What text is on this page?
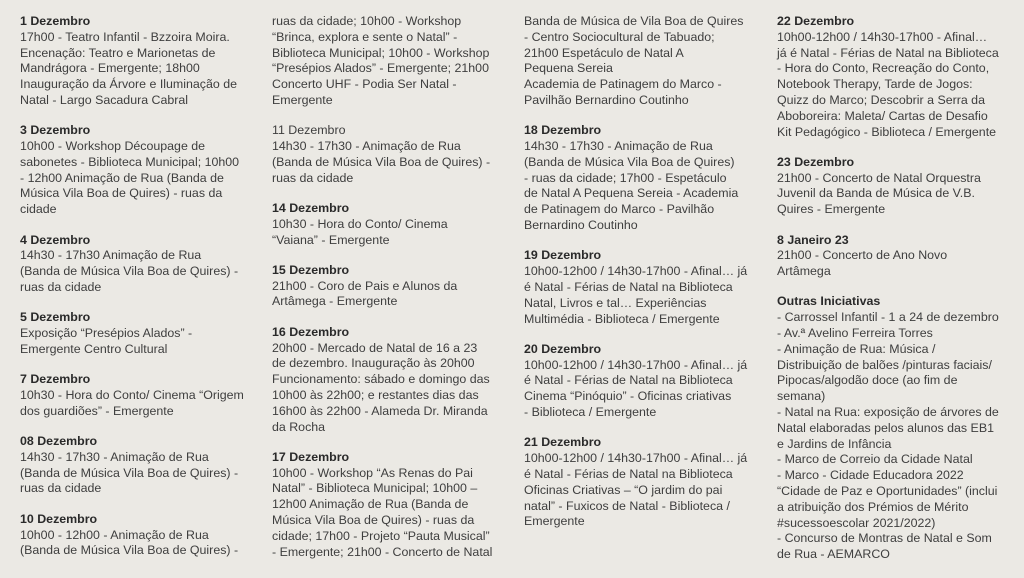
1 Dezembro
17h00 - Teatro Infantil - Bzzoira Moira.
Encenação: Teatro e Marionetas de
Mandrágora - Emergente; 18h00
Inauguração da Árvore e Iluminação de
Natal - Largo Sacadura Cabral
3 Dezembro
10h00 - Workshop Découpage de
sabonetes - Biblioteca Municipal; 10h00
- 12h00 Animação de Rua (Banda de
Música Vila Boa de Quires) - ruas da
cidade
4 Dezembro
14h30 - 17h30 Animação de Rua
(Banda de Música Vila Boa de Quires) -
ruas da cidade
5 Dezembro
Exposição “Presépios Alados” -
Emergente Centro Cultural
7 Dezembro
10h30 - Hora do Conto/ Cinema “Origem
dos guardiões” - Emergente
08 Dezembro
14h30 - 17h30 - Animação de Rua
(Banda de Música Vila Boa de Quires) -
ruas da cidade
10 Dezembro
10h00 - 12h00 - Animação de Rua
(Banda de Música Vila Boa de Quires) -
ruas da cidade; 10h00 - Workshop
“Brinca, explora e sente o Natal” -
Biblioteca Municipal; 10h00 - Workshop
“Presépios Alados” - Emergente; 21h00
Concerto UHF - Podia Ser Natal -
Emergente
11 Dezembro
14h30 - 17h30 - Animação de Rua
(Banda de Música Vila Boa de Quires) -
ruas da cidade
14 Dezembro
10h30 - Hora do Conto/ Cinema
“Vaiana” - Emergente
15 Dezembro
21h00 - Coro de Pais e Alunos da
Artâmega - Emergente
16 Dezembro
20h00 - Mercado de Natal de 16 a 23
de dezembro. Inauguração às 20h00
Funcionamento: sábado e domingo das
10h00 às 22h00; e restantes dias das
16h00 às 22h00 - Alameda Dr. Miranda
da Rocha
17 Dezembro
10h00 - Workshop “As Renas do Pai
Natal” - Biblioteca Municipal; 10h00 –
12h00 Animação de Rua (Banda de
Música Vila Boa de Quires) - ruas da
cidade; 17h00 - Projeto “Pauta Musical”
- Emergente; 21h00 - Concerto de Natal
Banda de Música de Vila Boa de Quires
- Centro Sociocultural de Tabuado;
21h00 Espetáculo de Natal A
Pequena Sereia
Academia de Patinagem do Marco -
Pavilhão Bernardino Coutinho
18 Dezembro
14h30 - 17h30 - Animação de Rua
(Banda de Música Vila Boa de Quires)
- ruas da cidade; 17h00 - Espetáculo
de Natal A Pequena Sereia - Academia
de Patinagem do Marco - Pavilhão
Bernardino Coutinho
19 Dezembro
10h00-12h00 / 14h30-17h00 - Afinal… já
é Natal - Férias de Natal na Biblioteca
Natal, Livros e tal… Experiências
Multimédia - Biblioteca / Emergente
20 Dezembro
10h00-12h00 / 14h30-17h00 - Afinal… já
é Natal - Férias de Natal na Biblioteca
Cinema “Pinóquio” - Oficinas criativas
- Biblioteca / Emergente
21 Dezembro
10h00-12h00 / 14h30-17h00 - Afinal… já
é Natal - Férias de Natal na Biblioteca
Oficinas Criativas – “O jardim do pai
natal” - Fuxicos de Natal - Biblioteca /
Emergente
22 Dezembro
10h00-12h00 / 14h30-17h00 - Afinal…
já é Natal - Férias de Natal na Biblioteca
- Hora do Conto, Recreação do Conto,
Notebook Therapy, Tarde de Jogos:
Quizz do Marco; Descobrir a Serra da
Aboboreira: Maleta/ Cartas de Desafio
Kit Pedagógico - Biblioteca / Emergente
23 Dezembro
21h00 - Concerto de Natal Orquestra
Juvenil da Banda de Música de V.B.
Quires - Emergente
8 Janeiro 23
21h00 - Concerto de Ano Novo
Artâmega
Outras Iniciativas
- Carrossel Infantil - 1 a 24 de dezembro
- Av.ª Avelino Ferreira Torres
- Animação de Rua: Música /
Distribuição de balões /pinturas faciais/
Pipocas/algodão doce (ao fim de
semana)
- Natal na Rua: exposição de árvores de
Natal elaboradas pelos alunos das EB1
e Jardins de Infância
- Marco de Correio da Cidade Natal
- Marco - Cidade Educadora 2022
“Cidade de Paz e Oportunidades” (inclui
a atribuição dos Prémios de Mérito
#sucessoescolar 2021/2022)
- Concurso de Montras de Natal e Som
de Rua - AEMARCO
